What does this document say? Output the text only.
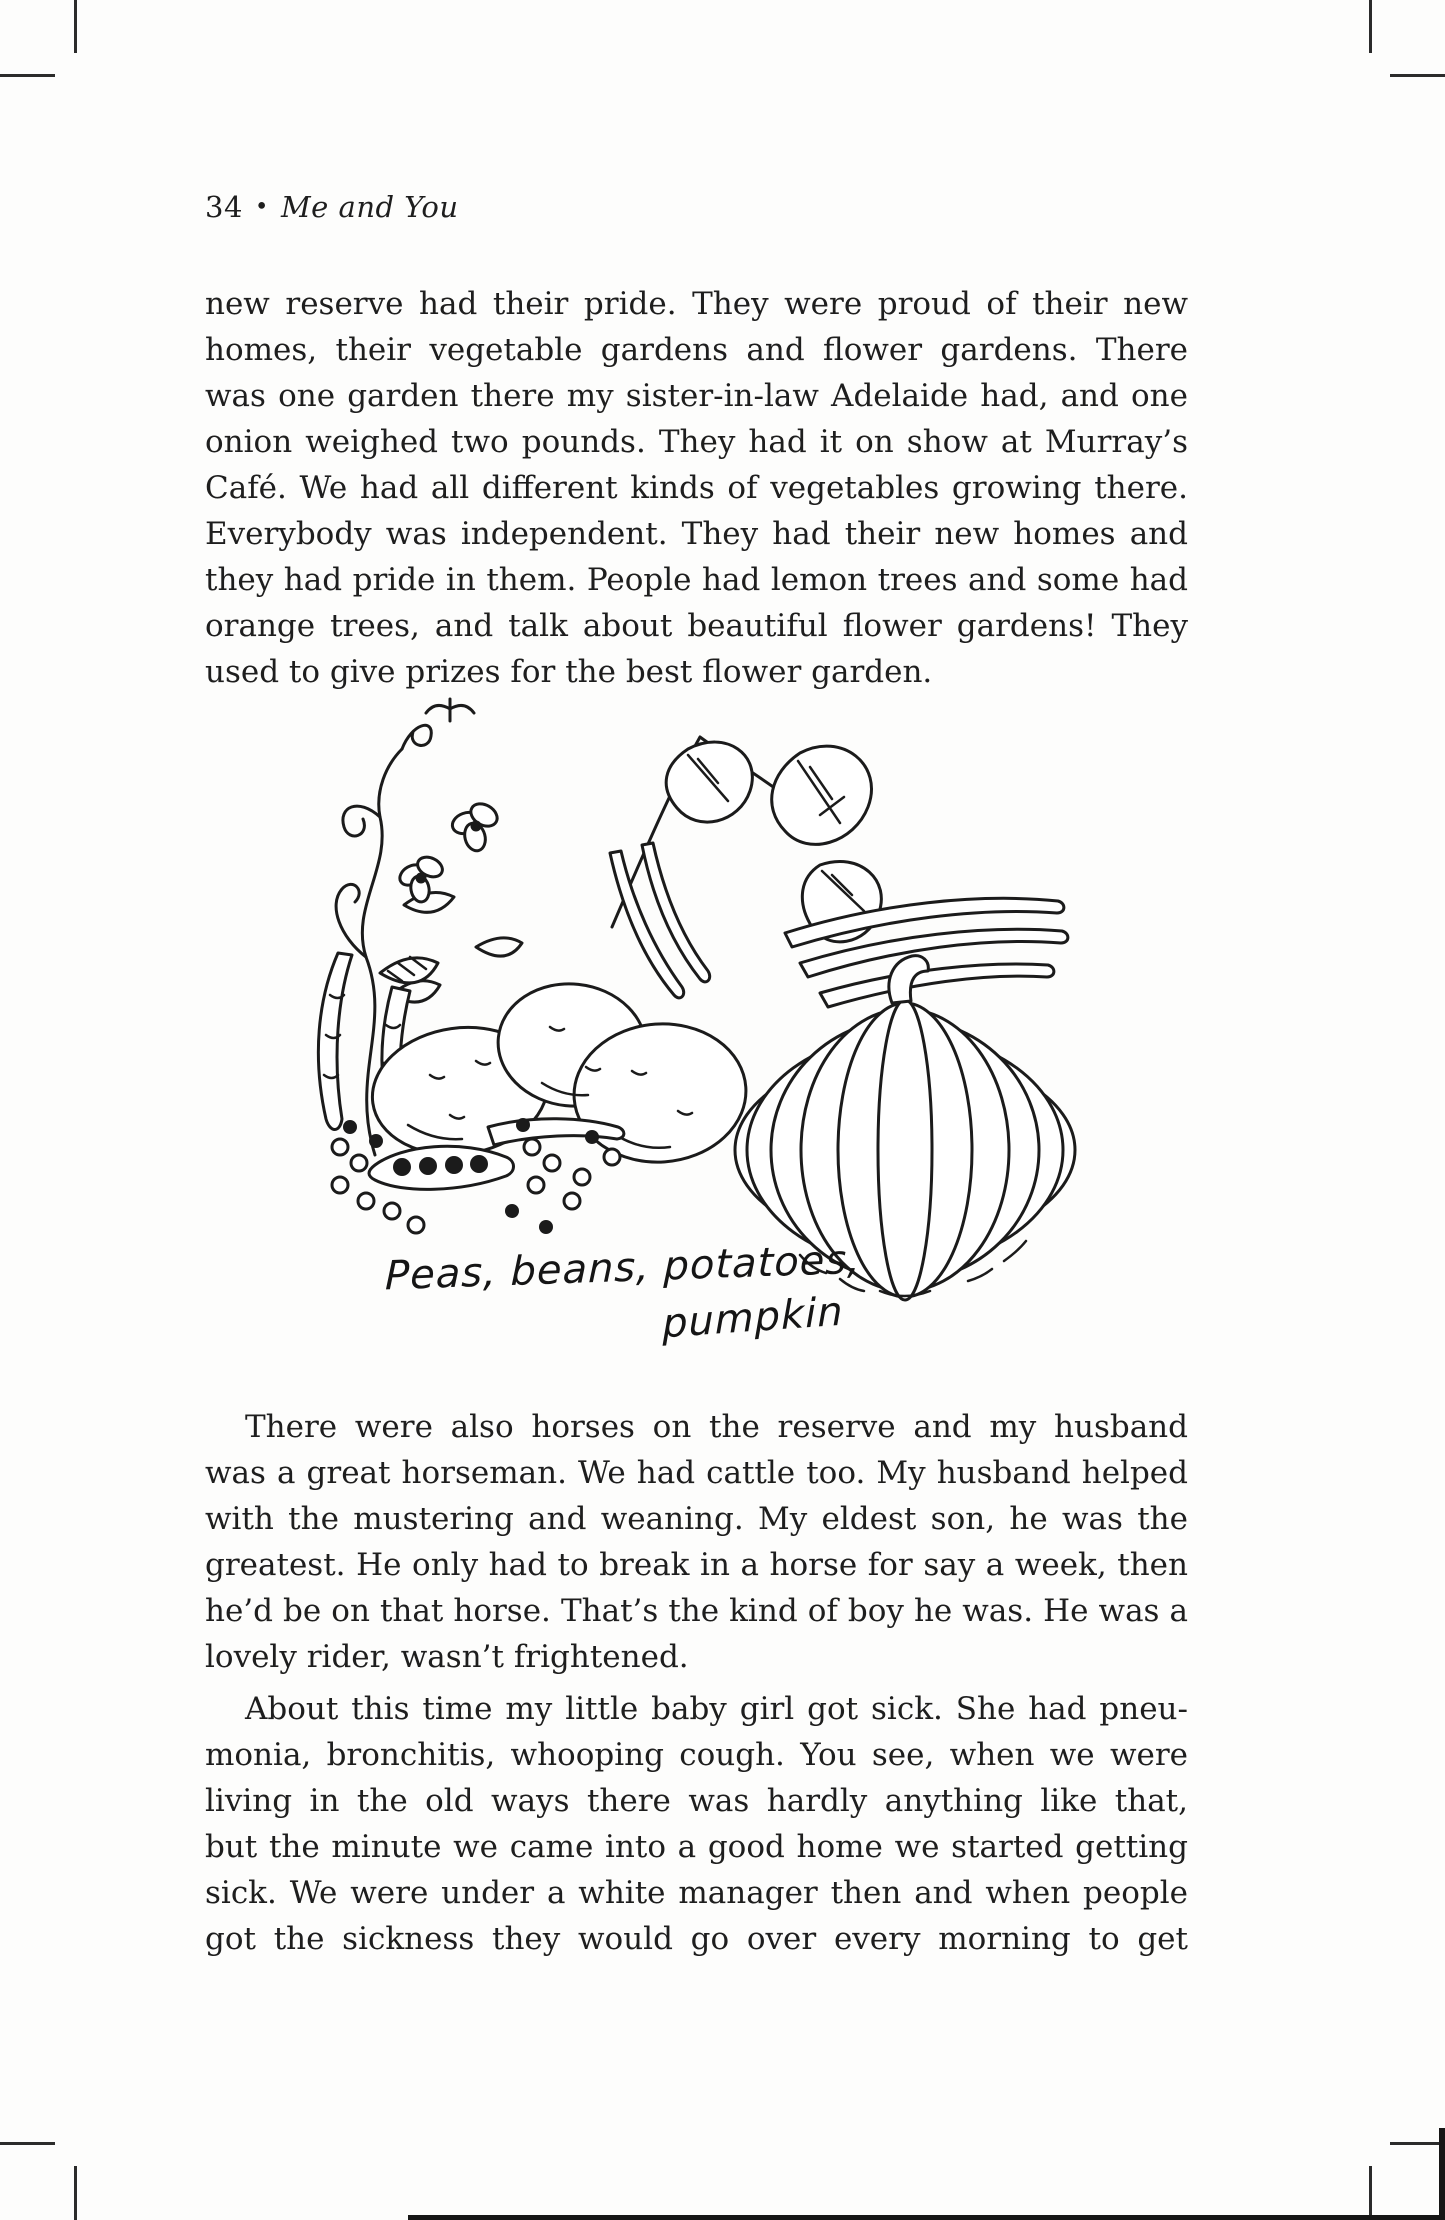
34 • Me and You
new reserve had their pride. They were proud of their new
homes, their vegetable gardens and flower gardens. There
was one garden there my sister-in-law Adelaide had, and one
onion weighed two pounds. They had it on show at Murray’s
Café. We had all different kinds of vegetables growing there.
Everybody was independent. They had their new homes and
they had pride in them. People had lemon trees and some had
orange trees, and talk about beautiful flower gardens! They
used to give prizes for the best flower garden.
Peas, beans, potatoes,
pumpkin
There were also horses on the reserve and my husband
was a great horseman. We had cattle too. My husband helped
with the mustering and weaning. My eldest son, he was the
greatest. He only had to break in a horse for say a week, then
he’d be on that horse. That’s the kind of boy he was. He was a
lovely rider, wasn’t frightened.
About this time my little baby girl got sick. She had pneu-
monia, bronchitis, whooping cough. You see, when we were
living in the old ways there was hardly anything like that,
but the minute we came into a good home we started getting
sick. We were under a white manager then and when people
got the sickness they would go over every morning to get
